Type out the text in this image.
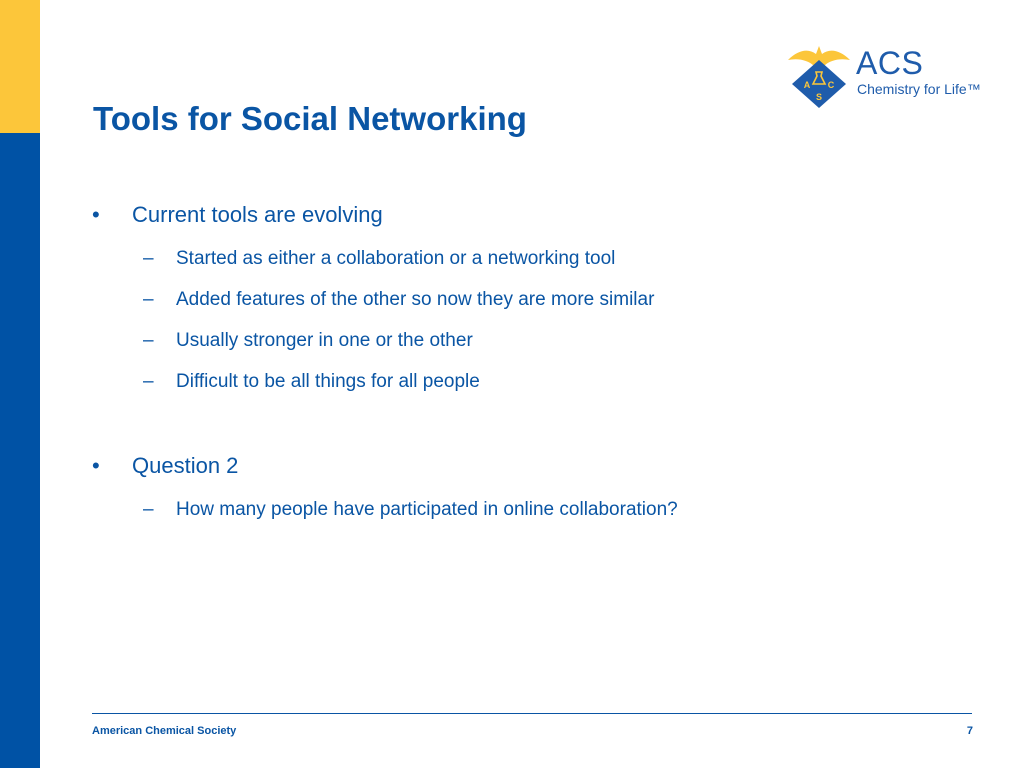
A C
S
ACS
Chemistry for Life™
Tools for Social Networking
• Current tools are evolving
– Started as either a collaboration or a networking tool
– Added features of the other so now they are more similar
– Usually stronger in one or the other
– Difficult to be all things for all people
• Question 2
– How many people have participated in online collaboration?
American Chemical Society	7
